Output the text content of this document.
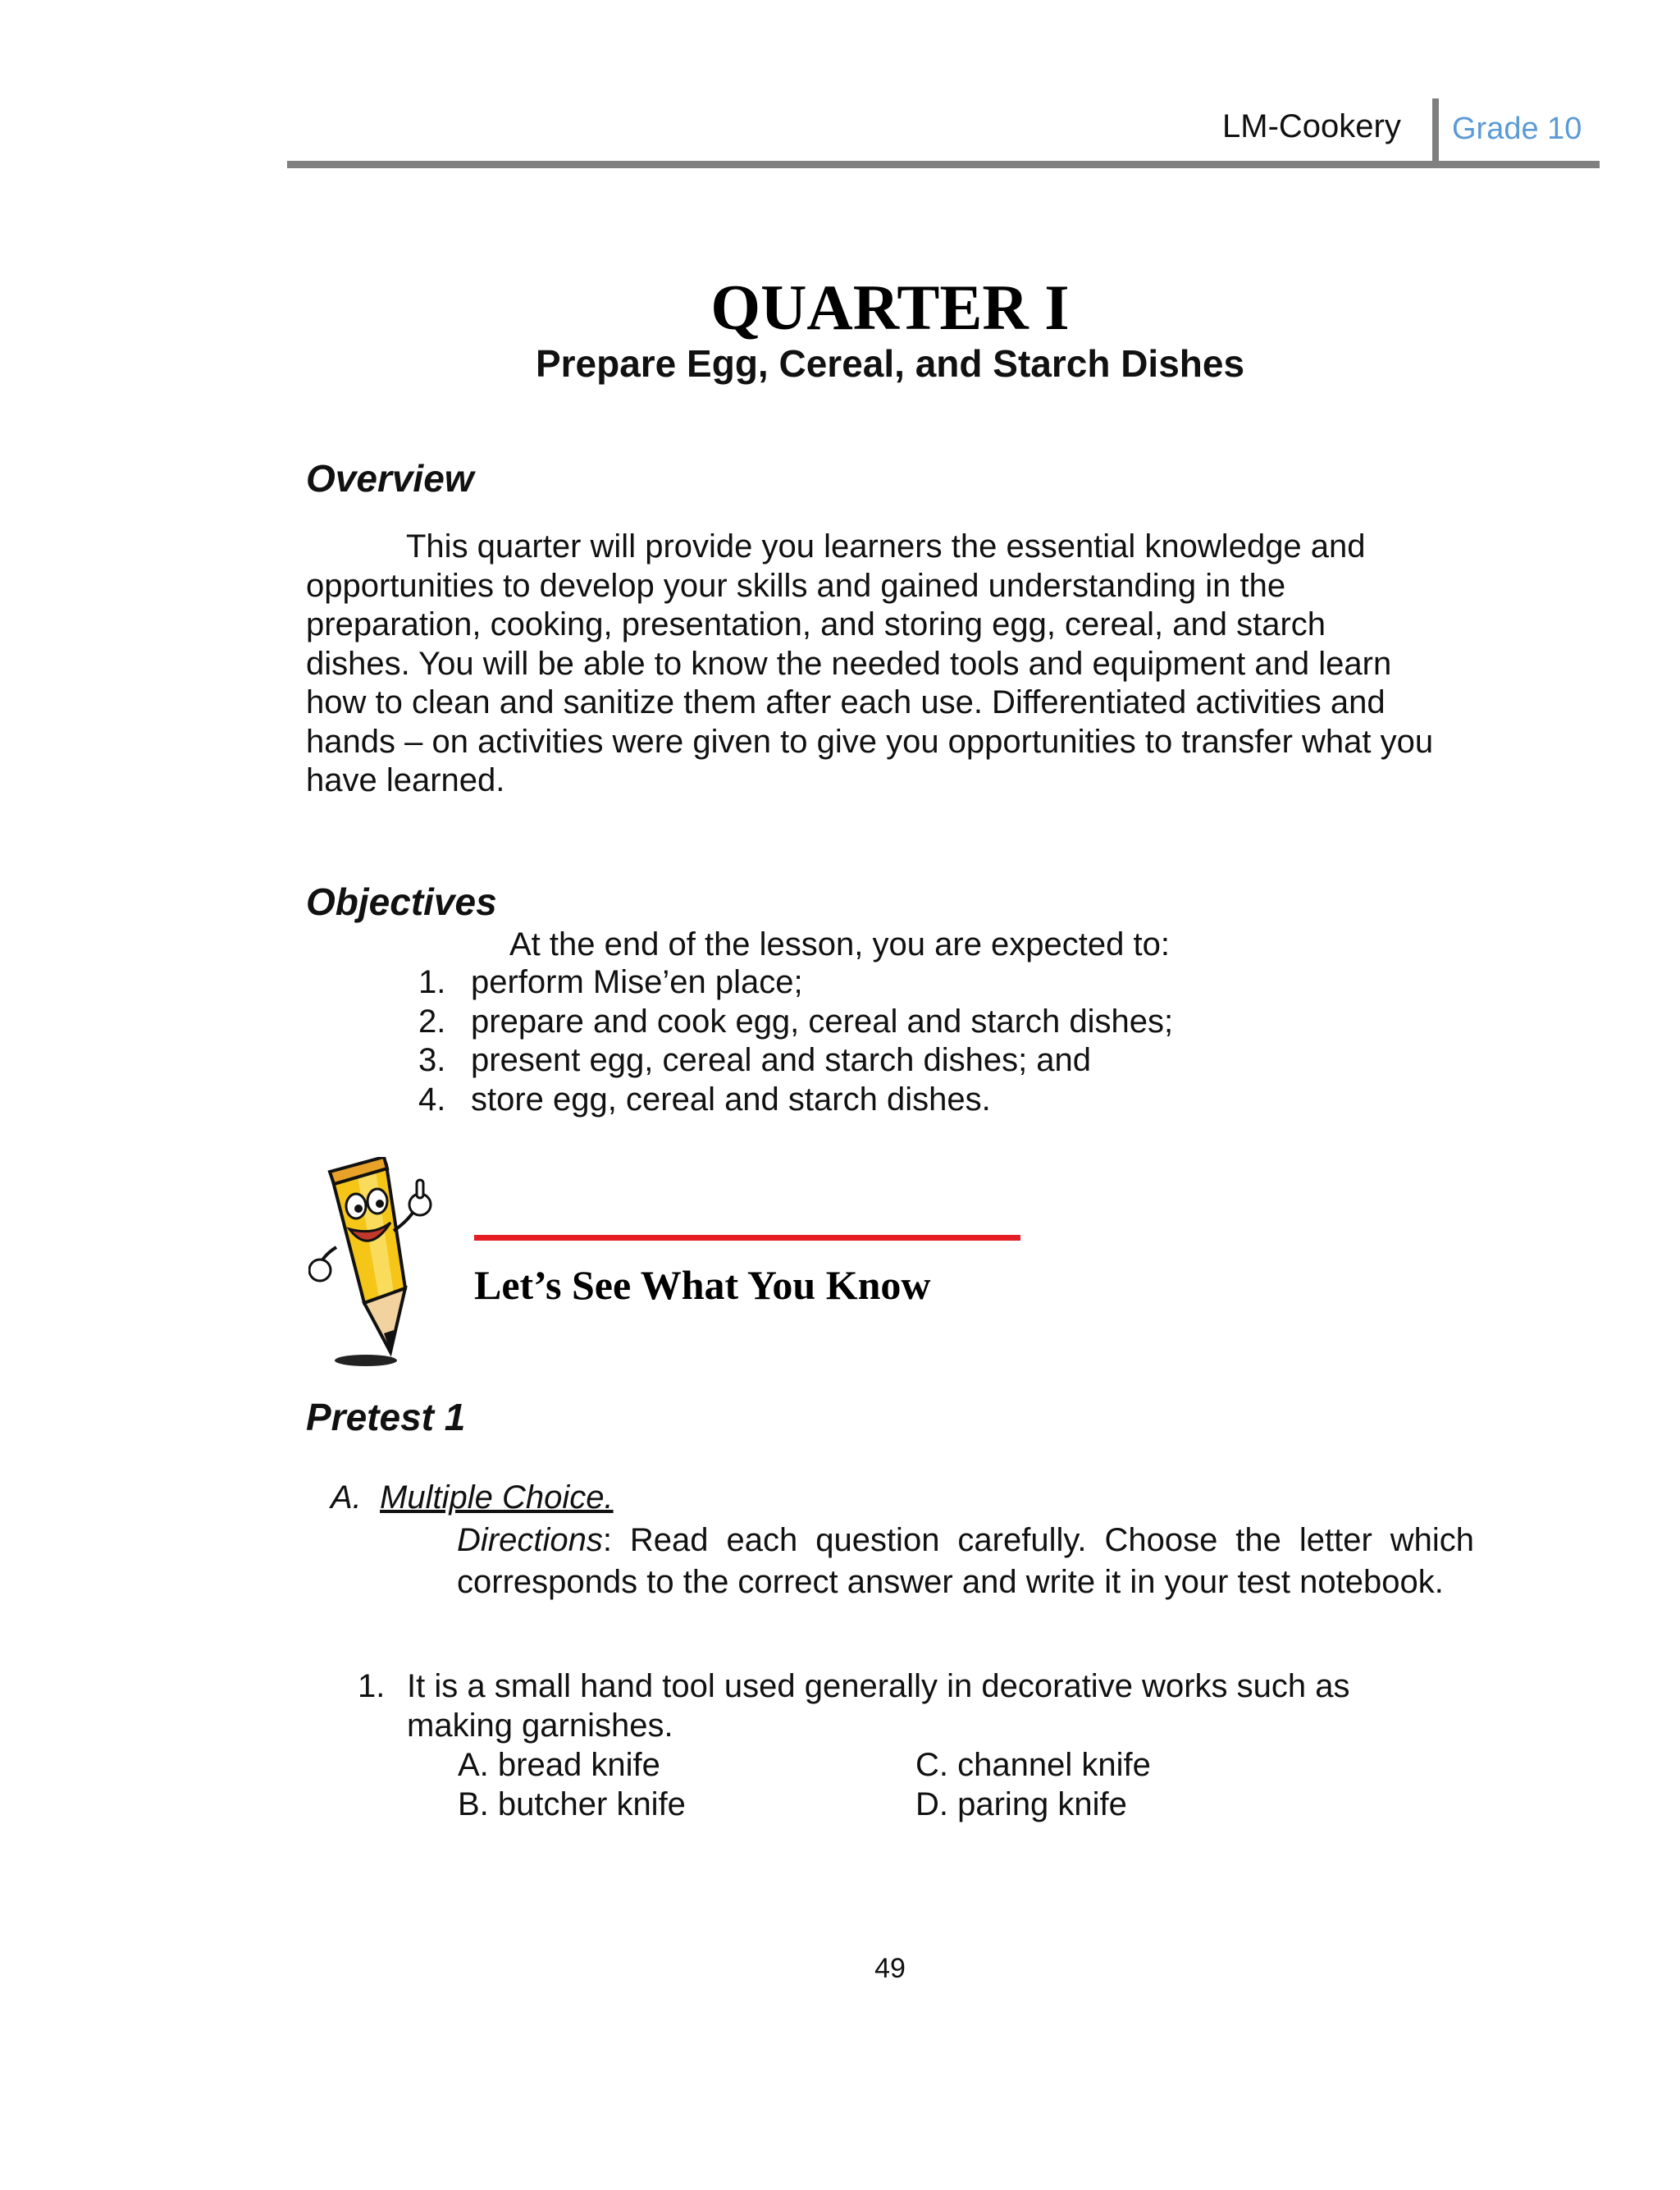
LM-Cookery Grade 10
QUARTER I
Prepare Egg, Cereal, and Starch Dishes
Overview
This quarter will provide you learners the essential knowledge and
opportunities to develop your skills and gained understanding in the
preparation, cooking, presentation, and storing egg, cereal, and starch
dishes. You will be able to know the needed tools and equipment and learn
how to clean and sanitize them after each use. Differentiated activities and
hands – on activities were given to give you opportunities to transfer what you
have learned.
Objectives
At the end of the lesson, you are expected to:
1. perform Mise’en place;
2. prepare and cook egg, cereal and starch dishes;
3. present egg, cereal and starch dishes; and
4. store egg, cereal and starch dishes.
Let’s See What You Know
Pretest 1
A. Multiple Choice.
Directions: Read each question carefully. Choose the letter which corresponds to the correct answer and write it in your test notebook.
1. It is a small hand tool used generally in decorative works such as
making garnishes.
A. bread knife
B. butcher knife
C. channel knife
D. paring knife
49
